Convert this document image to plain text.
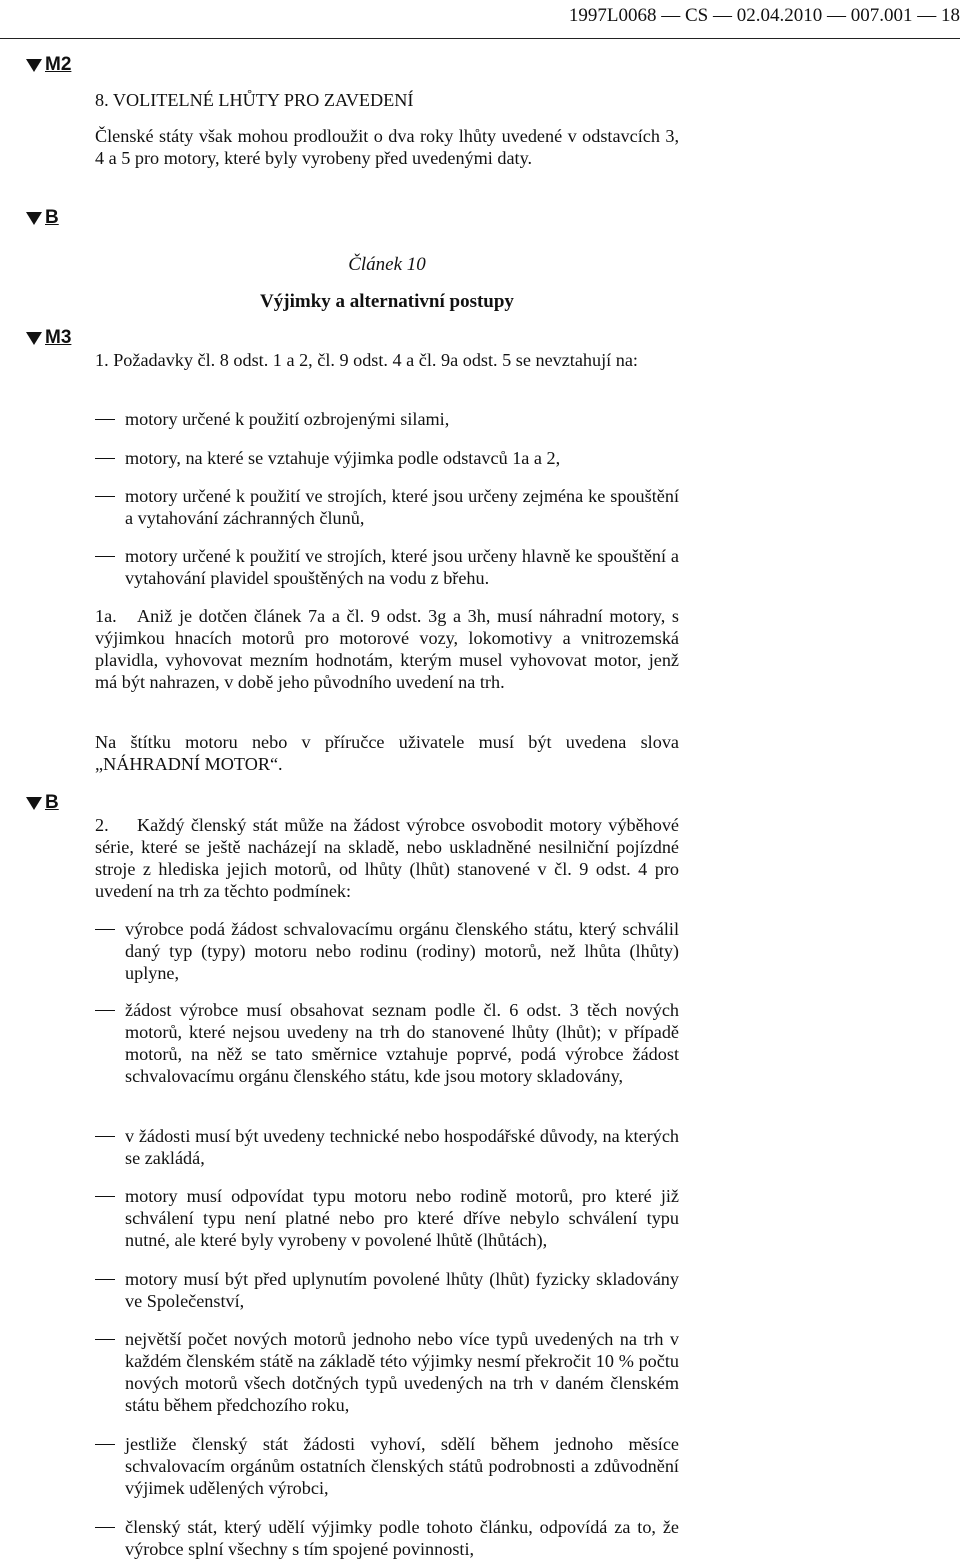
1997L0068 — CS — 02.04.2010 — 007.001 — 18
M2
B
M3
B
8. VOLITELNÉ LHŮTY PRO ZAVEDENÍ
Členské státy však mohou prodloužit o dva roky lhůty uvedené v odstavcích 3, 4 a 5 pro motory, které byly vyrobeny před uvedenými daty.
Článek 10
Výjimky a alternativní postupy
1. Požadavky čl. 8 odst. 1 a 2, čl. 9 odst. 4 a čl. 9a odst. 5 se nevztahují na:
motory určené k použití ozbrojenými silami,
motory, na které se vztahuje výjimka podle odstavců 1a a 2,
motory určené k použití ve strojích, které jsou určeny zejména ke spouštění a vytahování záchranných člunů,
motory určené k použití ve strojích, které jsou určeny hlavně ke spouštění a vytahování plavidel spouštěných na vodu z břehu.
1a. Aniž je dotčen článek 7a a čl. 9 odst. 3g a 3h, musí náhradní motory, s výjimkou hnacích motorů pro motorové vozy, lokomotivy a vnitrozemská plavidla, vyhovovat mezním hodnotám, kterým musel vyhovovat motor, jenž má být nahrazen, v době jeho původního uvedení na trh.
Na štítku motoru nebo v příručce uživatele musí být uvedena slova „NÁHRADNÍ MOTOR“.
2. Každý členský stát může na žádost výrobce osvobodit motory výběhové série, které se ještě nacházejí na skladě, nebo uskladněné nesilniční pojízdné stroje z hlediska jejich motorů, od lhůty (lhůt) stanovené v čl. 9 odst. 4 pro uvedení na trh za těchto podmínek:
výrobce podá žádost schvalovacímu orgánu členského státu, který schválil daný typ (typy) motoru nebo rodinu (rodiny) motorů, než lhůta (lhůty) uplyne,
žádost výrobce musí obsahovat seznam podle čl. 6 odst. 3 těch nových motorů, které nejsou uvedeny na trh do stanovené lhůty (lhůt); v případě motorů, na něž se tato směrnice vztahuje poprvé, podá výrobce žádost schvalovacímu orgánu členského státu, kde jsou motory skladovány,
v žádosti musí být uvedeny technické nebo hospodářské důvody, na kterých se zakládá,
motory musí odpovídat typu motoru nebo rodině motorů, pro které již schválení typu není platné nebo pro které dříve nebylo schválení typu nutné, ale které byly vyrobeny v povolené lhůtě (lhůtách),
motory musí být před uplynutím povolené lhůty (lhůt) fyzicky skladovány ve Společenství,
největší počet nových motorů jednoho nebo více typů uvedených na trh v každém členském státě na základě této výjimky nesmí překročit 10 % počtu nových motorů všech dotčných typů uvedených na trh v daném členském státu během předchozího roku,
jestliže členský stát žádosti vyhoví, sdělí během jednoho měsíce schvalovacím orgánům ostatních členských států podrobnosti a zdůvodnění výjimek udělených výrobci,
členský stát, který udělí výjimky podle tohoto článku, odpovídá za to, že výrobce splní všechny s tím spojené povinnosti,
